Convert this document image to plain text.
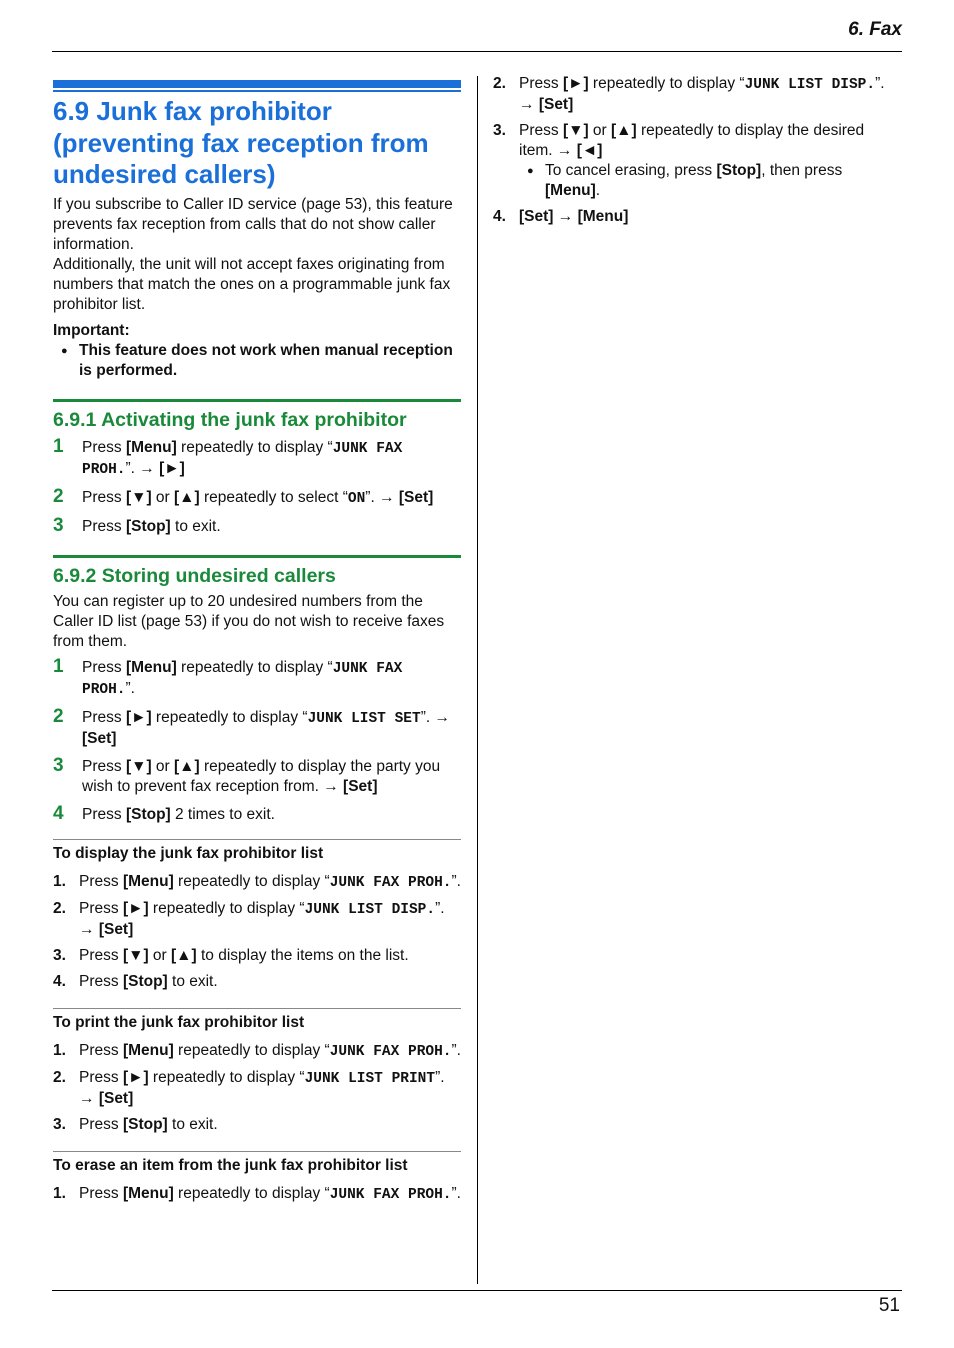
6. Fax
6.9 Junk fax prohibitor (preventing fax reception from undesired callers)

If you subscribe to Caller ID service (page 53), this feature prevents fax reception from calls that do not show caller information.

Additionally, the unit will not accept faxes originating from numbers that match the ones on a programmable junk fax prohibitor list.

Important:

● This feature does not work when manual reception is performed.

6.9.1 Activating the junk fax prohibitor
1 Press [Menu] repeatedly to display “JUNK FAX PROH.”. → [►]
2 Press [▼] or [▲] repeatedly to select “ON”. → [Set]
3 Press [Stop] to exit.
6.9.2 Storing undesired callers

You can register up to 20 undesired numbers from the Caller ID list (page 53) if you do not wish to receive faxes from them.

1 Press [Menu] repeatedly to display “JUNK FAX PROH.”.
2 Press [►] repeatedly to display “JUNK LIST SET”. → [Set]
3 Press [▼] or [▲] repeatedly to display the party you wish to prevent fax reception from. → [Set]
4 Press [Stop] 2 times to exit.
To display the junk fax prohibitor list
1. Press [Menu] repeatedly to display “JUNK FAX PROH.”.
2. Press [►] repeatedly to display “JUNK LIST DISP.”. → [Set]
3. Press [▼] or [▲] to display the items on the list.
4. Press [Stop] to exit.
To print the junk fax prohibitor list
1. Press [Menu] repeatedly to display “JUNK FAX PROH.”.
2. Press [►] repeatedly to display “JUNK LIST PRINT”. → [Set]
3. Press [Stop] to exit.
To erase an item from the junk fax prohibitor list
1. Press [Menu] repeatedly to display “JUNK FAX PROH.”.
2. Press [►] repeatedly to display “JUNK LIST DISP.”. → [Set]
3. Press [▼] or [▲] repeatedly to display the desired item. → [◄]
● To cancel erasing, press [Stop], then press [Menu].
4. [Set] → [Menu]
51
